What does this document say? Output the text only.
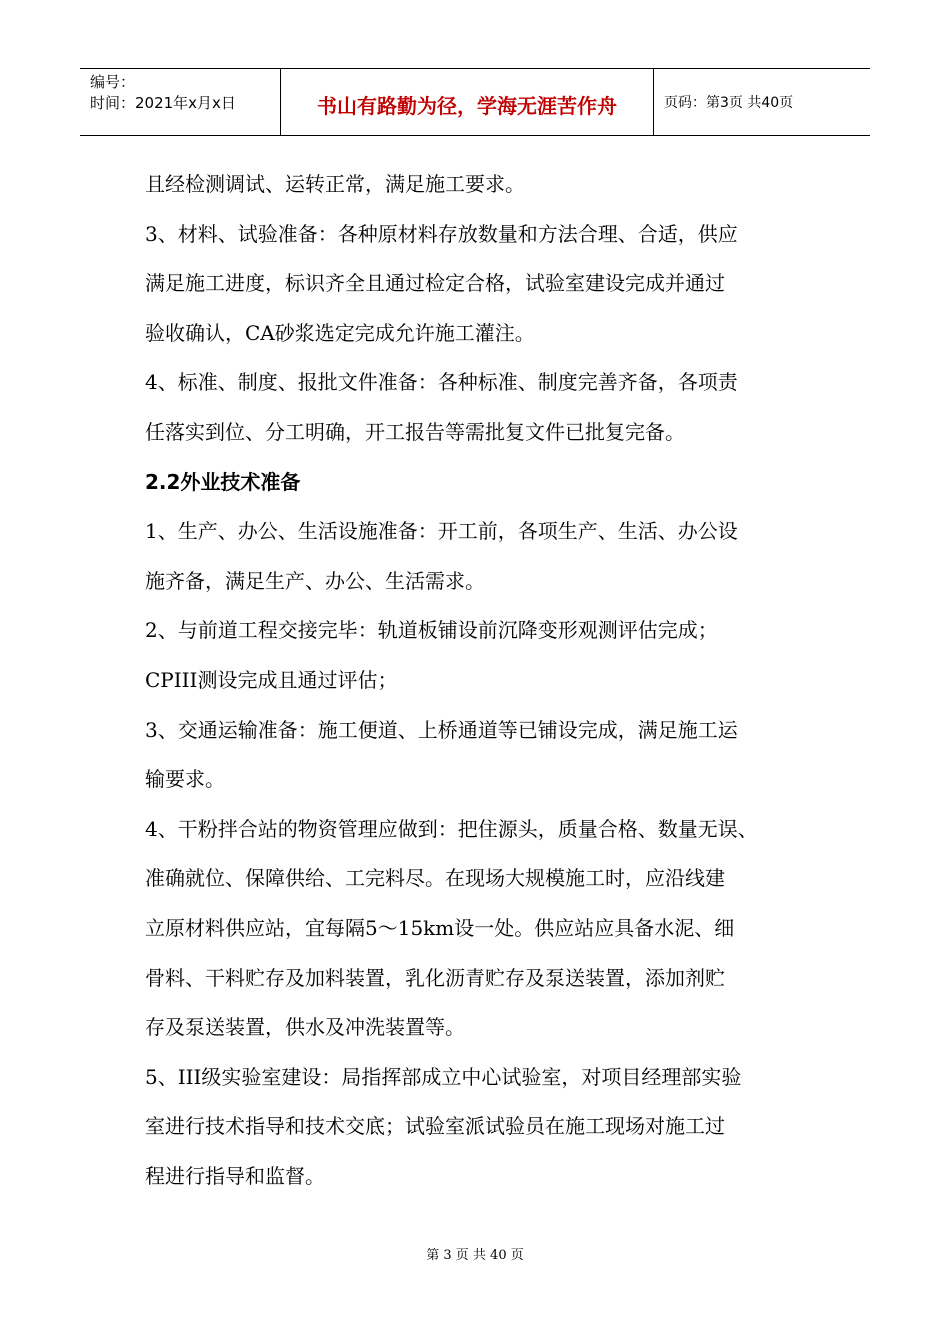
编号：
时间：2021年x月x日	书山有路勤为径，学海无涯苦作舟	页码：第3页 共40页
且经检测调试、运转正常，满足施工要求。
3、材料、试验准备：各种原材料存放数量和方法合理、合适，供应
满足施工进度，标识齐全且通过检定合格，试验室建设完成并通过
验收确认，CA砂浆选定完成允许施工灌注。
4、标准、制度、报批文件准备：各种标准、制度完善齐备，各项责
任落实到位、分工明确，开工报告等需批复文件已批复完备。
2.2外业技术准备
1、生产、办公、生活设施准备：开工前，各项生产、生活、办公设
施齐备，满足生产、办公、生活需求。
2、与前道工程交接完毕：轨道板铺设前沉降变形观测评估完成；
CPIII测设完成且通过评估；
3、交通运输准备：施工便道、上桥通道等已铺设完成，满足施工运
输要求。
4、干粉拌合站的物资管理应做到：把住源头，质量合格、数量无误、
准确就位、保障供给、工完料尽。在现场大规模施工时，应沿线建
立原材料供应站，宜每隔5～15km设一处。供应站应具备水泥、细
骨料、干料贮存及加料装置，乳化沥青贮存及泵送装置，添加剂贮
存及泵送装置，供水及冲洗装置等。
5、III级实验室建设：局指挥部成立中心试验室，对项目经理部实验
室进行技术指导和技术交底；试验室派试验员在施工现场对施工过
程进行指导和监督。
第 3 页 共 40 页
